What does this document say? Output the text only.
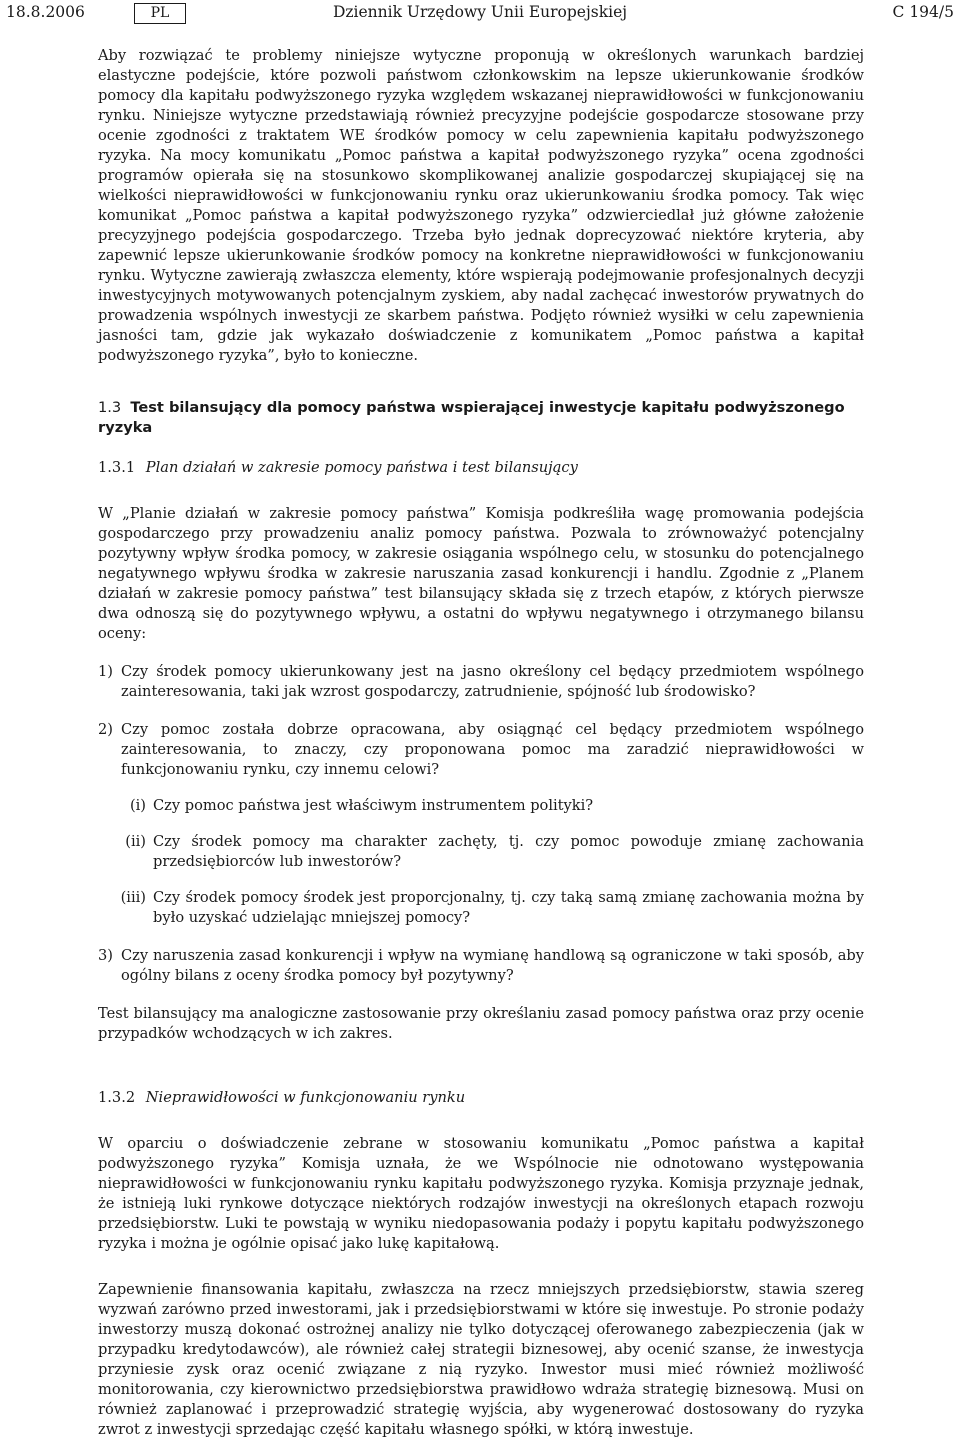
18.8.2006	PL	Dziennik Urzędowy Unii Europejskiej	C 194/5

Aby rozwiązać te problemy niniejsze wytyczne proponują w określonych warunkach bardziej elastyczne podejście, które pozwoli państwom członkowskim na lepsze ukierunkowanie środków pomocy dla kapitału podwyższonego ryzyka względem wskazanej nieprawidłowości w funkcjonowaniu rynku. Niniejsze wytyczne przedstawiają również precyzyjne podejście gospodarcze stosowane przy ocenie zgodności z traktatem WE środków pomocy w celu zapewnienia kapitału podwyższonego ryzyka. Na mocy komunikatu „Pomoc państwa a kapitał podwyższonego ryzyka” ocena zgodności programów opierała się na stosunkowo skomplikowanej analizie gospodarczej skupiającej się na wielkości nieprawidłowości w funkcjonowaniu rynku oraz ukierunkowaniu środka pomocy. Tak więc komunikat „Pomoc państwa a kapitał podwyższonego ryzyka” odzwierciedlał już główne założenie precyzyjnego podejścia gospodarczego. Trzeba było jednak doprecyzować niektóre kryteria, aby zapewnić lepsze ukierunkowanie środków pomocy na konkretne nieprawidłowości w funkcjonowaniu rynku. Wytyczne zawierają zwłaszcza elementy, które wspierają podejmowanie profesjonalnych decyzji inwestycyjnych motywowanych potencjalnym zyskiem, aby nadal zachęcać inwestorów prywatnych do prowadzenia wspólnych inwestycji ze skarbem państwa. Podjęto również wysiłki w celu zapewnienia jasności tam, gdzie jak wykazało doświadczenie z komunikatem „Pomoc państwa a kapitał podwyższonego ryzyka”, było to konieczne.

1.3 Test bilansujący dla pomocy państwa wspierającej inwestycje kapitału podwyższonego ryzyka
1.3.1 Plan działań w zakresie pomocy państwa i test bilansujący

W „Planie działań w zakresie pomocy państwa” Komisja podkreśliła wagę promowania podejścia gospodarczego przy prowadzeniu analiz pomocy państwa. Pozwala to zrównoważyć potencjalny pozytywny wpływ środka pomocy, w zakresie osiągania wspólnego celu, w stosunku do potencjalnego negatywnego wpływu środka w zakresie naruszania zasad konkurencji i handlu. Zgodnie z „Planem działań w zakresie pomocy państwa” test bilansujący składa się z trzech etapów, z których pierwsze dwa odnoszą się do pozytywnego wpływu, a ostatni do wpływu negatywnego i otrzymanego bilansu oceny:

1) Czy środek pomocy ukierunkowany jest na jasno określony cel będący przedmiotem wspólnego zainteresowania, taki jak wzrost gospodarczy, zatrudnienie, spójność lub środowisko?
2) Czy pomoc została dobrze opracowana, aby osiągnąć cel będący przedmiotem wspólnego zainteresowania, to znaczy, czy proponowana pomoc ma zaradzić nieprawidłowości w funkcjonowaniu rynku, czy innemu celowi?
(i) Czy pomoc państwa jest właściwym instrumentem polityki?
(ii) Czy środek pomocy ma charakter zachęty, tj. czy pomoc powoduje zmianę zachowania przedsiębiorców lub inwestorów?
(iii) Czy środek pomocy środek jest proporcjonalny, tj. czy taką samą zmianę zachowania można by było uzyskać udzielając mniejszej pomocy?
3) Czy naruszenia zasad konkurencji i wpływ na wymianę handlową są ograniczone w taki sposób, aby ogólny bilans z oceny środka pomocy był pozytywny?

Test bilansujący ma analogiczne zastosowanie przy określaniu zasad pomocy państwa oraz przy ocenie przypadków wchodzących w ich zakres.

1.3.2 Nieprawidłowości w funkcjonowaniu rynku

W oparciu o doświadczenie zebrane w stosowaniu komunikatu „Pomoc państwa a kapitał podwyższonego ryzyka” Komisja uznała, że we Wspólnocie nie odnotowano występowania nieprawidłowości w funkcjonowaniu rynku kapitału podwyższonego ryzyka. Komisja przyznaje jednak, że istnieją luki rynkowe dotyczące niektórych rodzajów inwestycji na określonych etapach rozwoju przedsiębiorstw. Luki te powstają w wyniku niedopasowania podaży i popytu kapitału podwyższonego ryzyka i można je ogólnie opisać jako lukę kapitałową.

Zapewnienie finansowania kapitału, zwłaszcza na rzecz mniejszych przedsiębiorstw, stawia szereg wyzwań zarówno przed inwestorami, jak i przedsiębiorstwami w które się inwestuje. Po stronie podaży inwestorzy muszą dokonać ostrożnej analizy nie tylko dotyczącej oferowanego zabezpieczenia (jak w przypadku kredytodawców), ale również całej strategii biznesowej, aby ocenić szanse, że inwestycja przyniesie zysk oraz ocenić związane z nią ryzyko. Inwestor musi mieć również możliwość monitorowania, czy kierownictwo przedsiębiorstwa prawidłowo wdraża strategię biznesową. Musi on również zaplanować i przeprowadzić strategię wyjścia, aby wygenerować dostosowany do ryzyka zwrot z inwestycji sprzedając część kapitału własnego spółki, w którą inwestuje.
